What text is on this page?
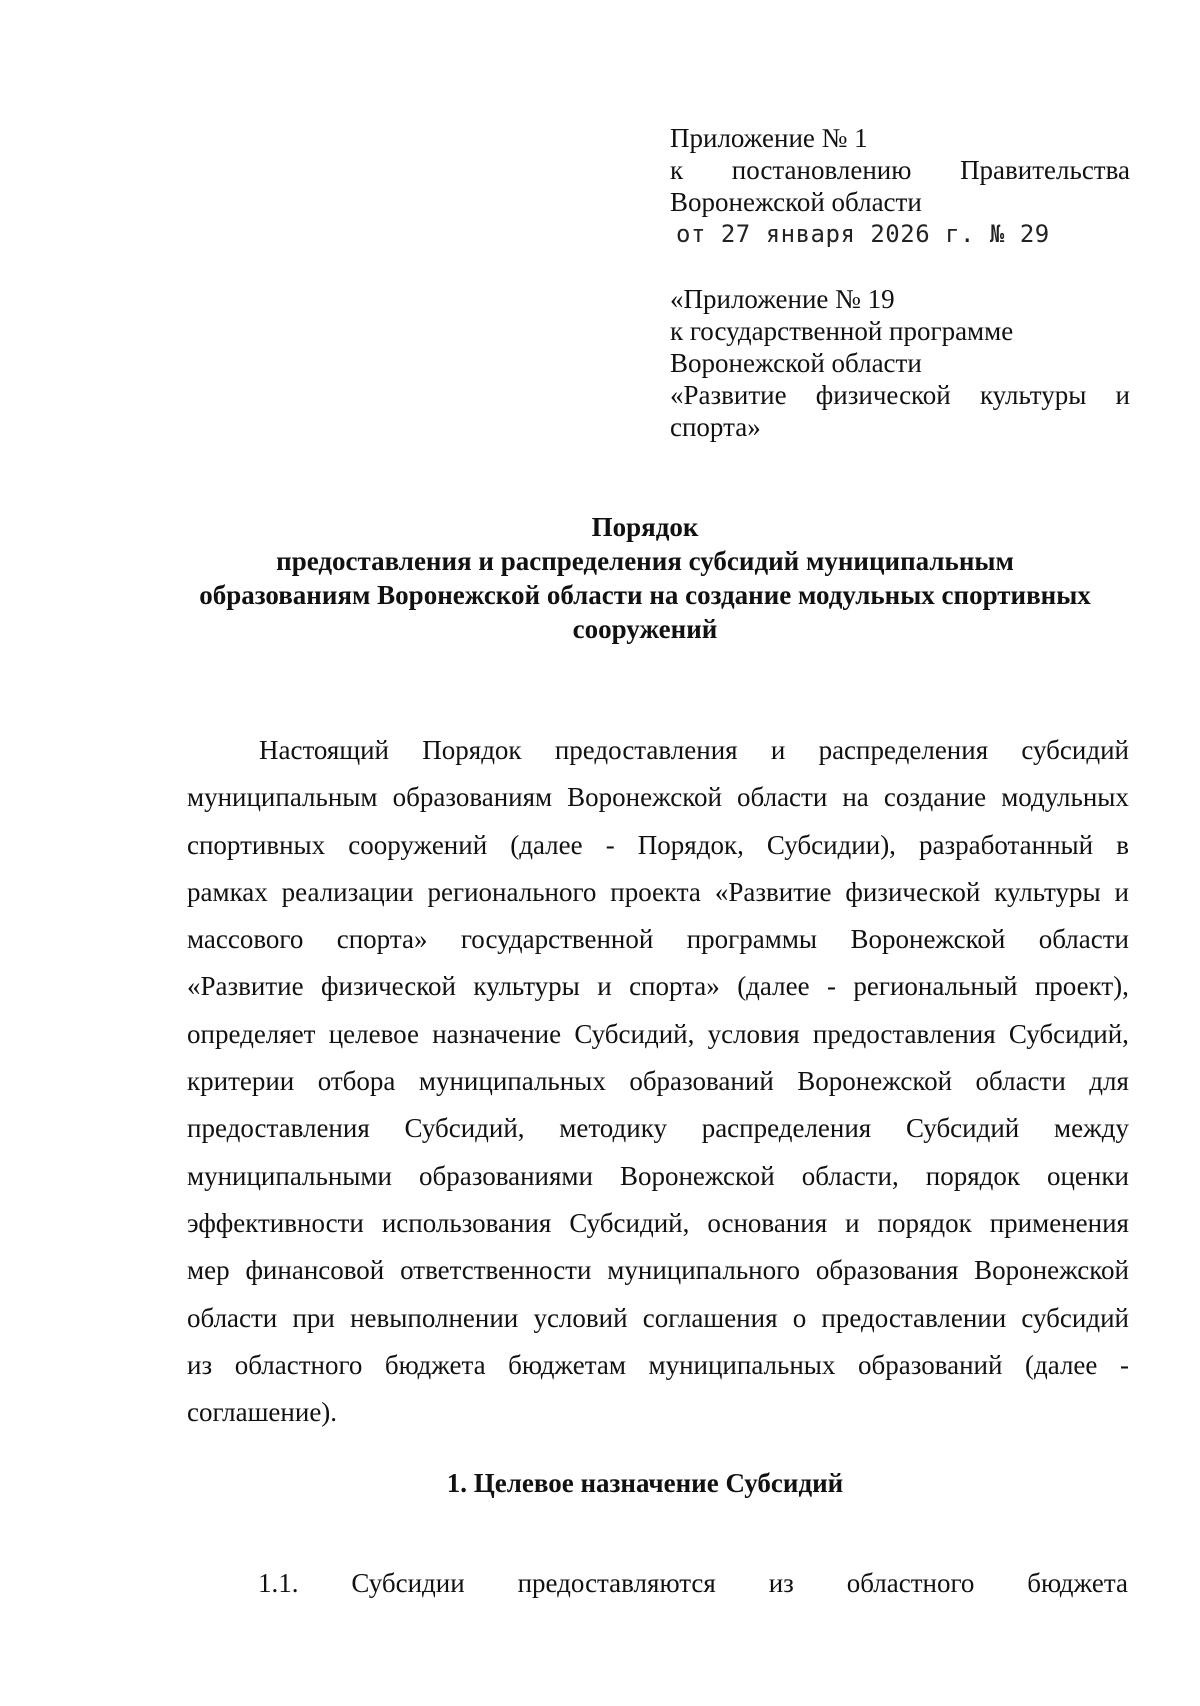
Приложение № 1
к постановлению Правительства
Воронежской области
от 27 января 2026 г. № 29
«Приложение № 19
к государственной программе
Воронежской области
«Развитие физической культуры и
спорта»
Порядок
предоставления и распределения субсидий муниципальным
образованиям Воронежской области на создание модульных спортивных
сооружений
Настоящий Порядок предоставления и распределения субсидий
муниципальным образованиям Воронежской области на создание модульных
спортивных сооружений (далее - Порядок, Субсидии), разработанный в
рамках реализации регионального проекта «Развитие физической культуры и
массового спорта» государственной программы Воронежской области
«Развитие физической культуры и спорта» (далее - региональный проект),
определяет целевое назначение Субсидий, условия предоставления Субсидий,
критерии отбора муниципальных образований Воронежской области для
предоставления Субсидий, методику распределения Субсидий между
муниципальными образованиями Воронежской области, порядок оценки
эффективности использования Субсидий, основания и порядок применения
мер финансовой ответственности муниципального образования Воронежской
области при невыполнении условий соглашения о предоставлении субсидий
из областного бюджета бюджетам муниципальных образований (далее -
соглашение).
1. Целевое назначение Субсидий
1.1. Субсидии предоставляются из областного бюджета
